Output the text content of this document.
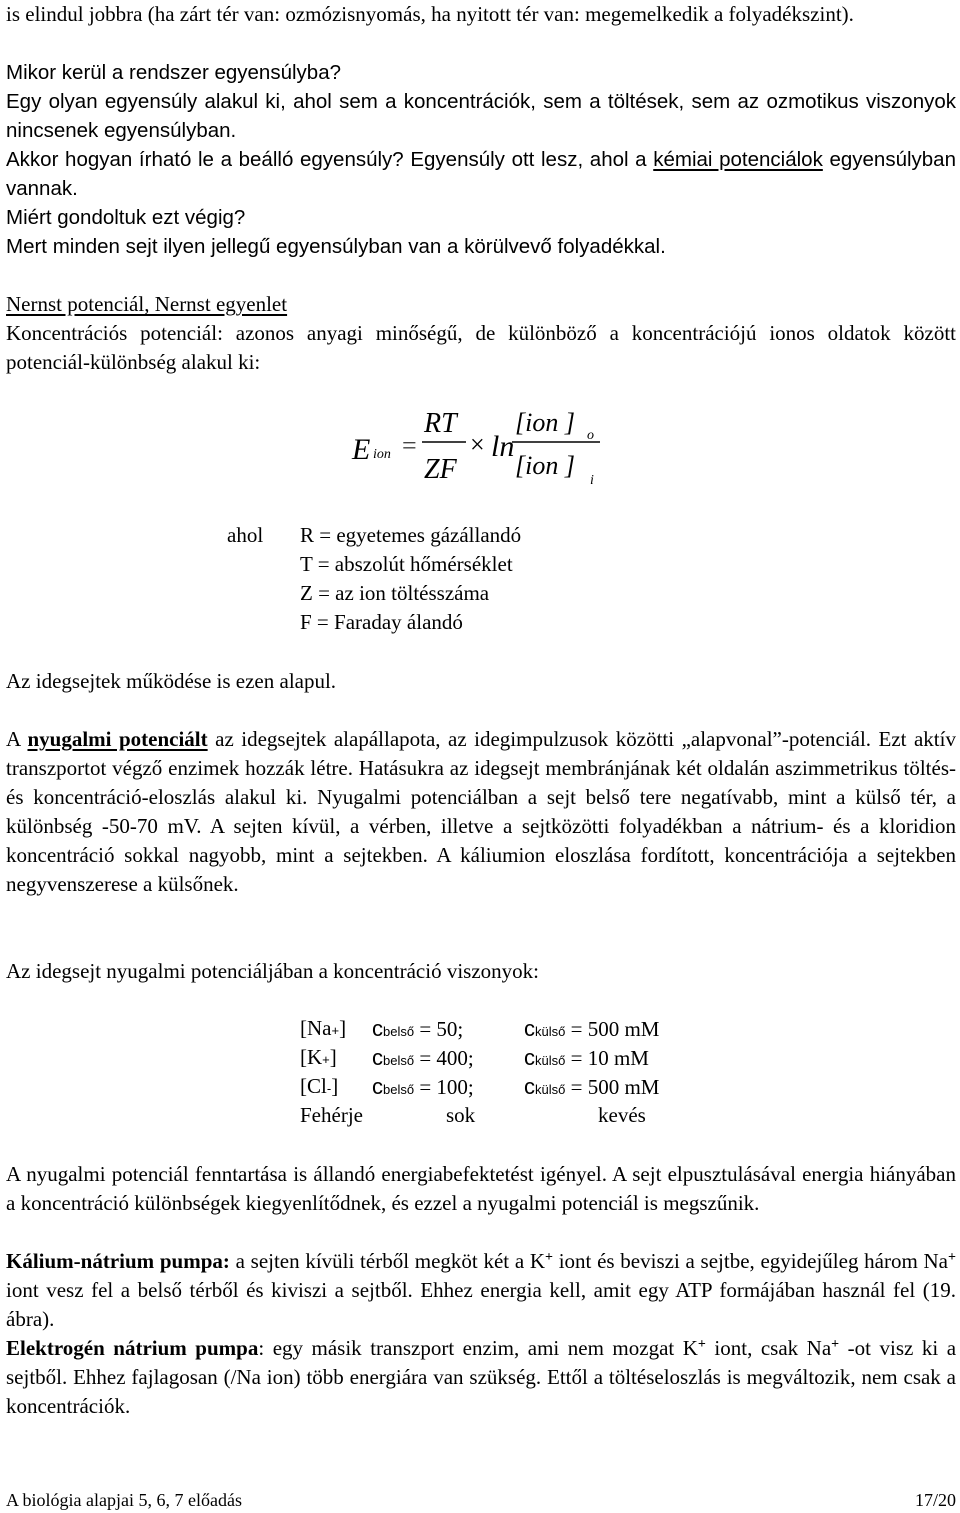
is elindul jobbra (ha zárt tér van: ozmózisnyomás, ha nyitott tér van: megemelkedik a folyadékszint).

Mikor kerül a rendszer egyensúlyba?

Egy olyan egyensúly alakul ki, ahol sem a koncentrációk, sem a töltések, sem az ozmotikus viszonyok nincsenek egyensúlyban.

Akkor hogyan írható le a beálló egyensúly? Egyensúly ott lesz, ahol a kémiai potenciálok egyensúlyban vannak.

Miért gondoltuk ezt végig?

Mert minden sejt ilyen jellegű egyensúlyban van a körülvevő folyadékkal.

Nernst potenciál, Nernst egyenlet

Koncentrációs potenciál: azonos anyagi minőségű, de különböző a koncentrációjú ionos oldatok között potenciál-különbség alakul ki:

E ion =
RT
ZF
× ln
[ion ] o
[ion ]
i
ahol R = egyetemes gázállandó
T = abszolút hőmérséklet
Z = az ion töltésszáma
F = Faraday álandó

Az idegsejtek működése is ezen alapul.

A nyugalmi potenciált az idegsejtek alapállapota, az idegimpulzusok közötti „alapvonal”-potenciál. Ezt aktív transzportot végző enzimek hozzák létre. Hatásukra az idegsejt membránjának két oldalán aszimmetrikus töltés- és koncentráció-eloszlás alakul ki. Nyugalmi potenciálban a sejt belső tere negatívabb, mint a külső tér, a különbség -50-70 mV. A sejten kívül, a vérben, illetve a sejtközötti folyadékban a nátrium- és a kloridion koncentráció sokkal nagyobb, mint a sejtekben. A káliumion eloszlása fordított, koncentrációja a sejtekben negyvenszerese a külsőnek.

Az idegsejt nyugalmi potenciáljában a koncentráció viszonyok:

[Na+] cbelső = 50;	ckülső = 500 mM
[K+] cbelső = 400; ckülső = 10 mM
[Cl-] cbelső = 100; ckülső = 500 mM
Fehérje	sok	kevés

A nyugalmi potenciál fenntartása is állandó energiabefektetést igényel. A sejt elpusztulásával energia hiányában a koncentráció különbségek kiegyenlítődnek, és ezzel a nyugalmi potenciál is megszűnik.

Kálium-nátrium pumpa: a sejten kívüli térből megköt két a K+ iont és beviszi a sejtbe, egyidejűleg három Na+ iont vesz fel a belső térből és kiviszi a sejtből. Ehhez energia kell, amit egy ATP formájában használ fel (19. ábra).

Elektrogén nátrium pumpa: egy másik transzport enzim, ami nem mozgat K+ iont, csak Na+ -ot visz ki a sejtből. Ehhez fajlagosan (/Na ion) több energiára van szükség. Ettől a töltéseloszlás is megváltozik, nem csak a koncentrációk.

A biológia alapjai 5, 6, 7 előadás	17/20
